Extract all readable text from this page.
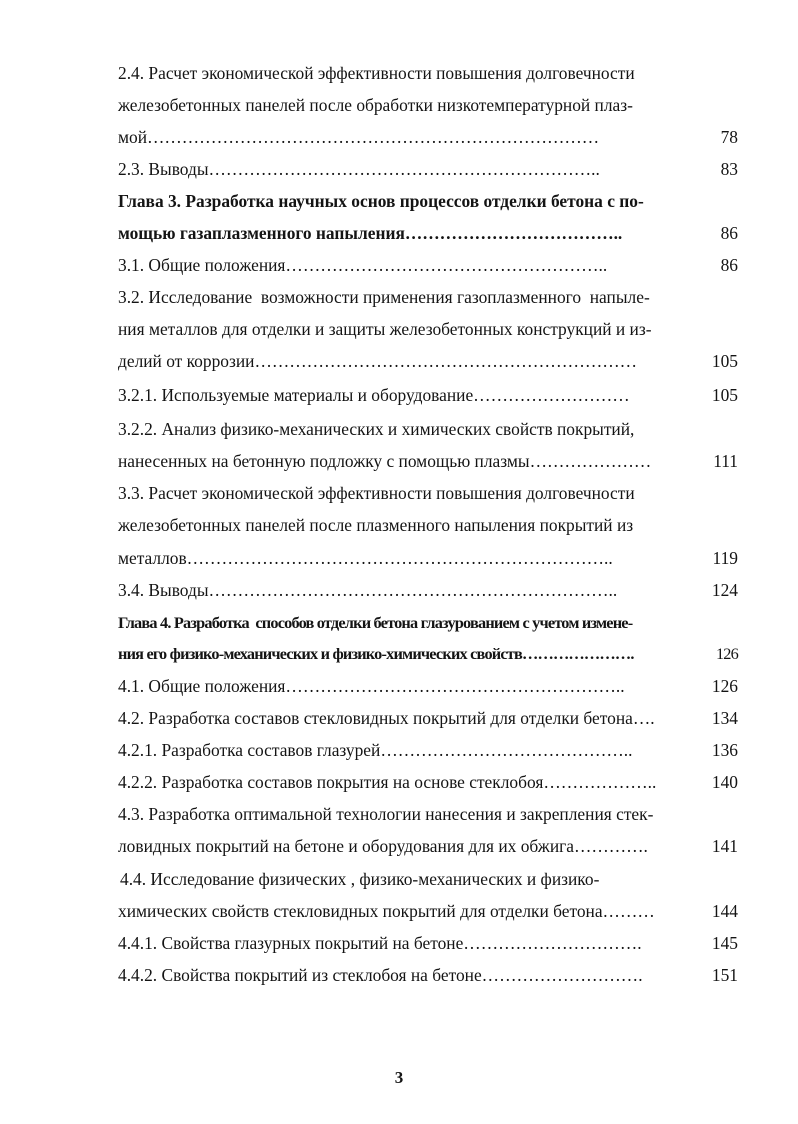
2.4. Расчет экономической эффективности повышения долговечности
железобетонных панелей после обработки низкотемпературной плаз-
мой……………………………………………………………………	78
2.3. Выводы…………………………………………………………..	83
Глава 3. Разработка научных основ процессов отделки бетона с по-
мощью газаплазменного напыления………………………………..	86
3.1. Общие положения………………………………………………..	86
3.2. Исследование  возможности применения газоплазменного  напыле-
ния металлов для отделки и защиты железобетонных конструкций и из-
делий от коррозии…………………………………………………………	105
3.2.1. Используемые материалы и оборудование………………………	105
3.2.2. Анализ физико-механических и химических свойств покрытий,
нанесенных на бетонную подложку с помощью плазмы…………………	111
3.3. Расчет экономической эффективности повышения долговечности
железобетонных панелей после плазменного напыления покрытий из
металлов………………………………………………………………..	119
3.4. Выводы……………………………………………………………..	124
Глава 4. Разработка  способов отделки бетона глазурованием с учетом измене-
ния его физико-механических и физико-химических свойств………………….	126
4.1. Общие положения…………………………………………………..	126
4.2. Разработка составов стекловидных покрытий для отделки бетона….	134
4.2.1. Разработка составов глазурей……………………………………..	136
4.2.2. Разработка составов покрытия на основе стеклобоя………………..	140
4.3. Разработка оптимальной технологии нанесения и закрепления стек-
ловидных покрытий на бетоне и оборудования для их обжига………….	141
4.4. Исследование физических , физико-механических и физико-
химических свойств стекловидных покрытий для отделки бетона………	144
4.4.1. Свойства глазурных покрытий на бетоне………………………….	145
4.4.2. Свойства покрытий из стеклобоя на бетоне……………………….	151
3
